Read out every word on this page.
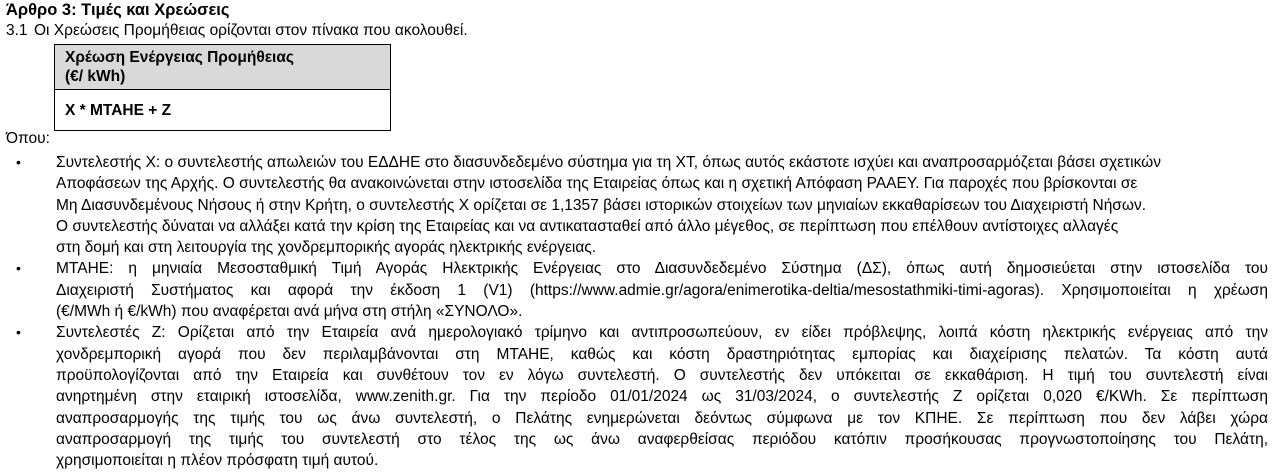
Άρθρο 3: Τιμές και Χρεώσεις
3.1 Οι Χρεώσεις Προμήθειας ορίζονται στον πίνακα που ακολουθεί.
Χρέωση Ενέργειας Προμήθειας
(€/ kWh)

X * ΜΤΑΗΕ + Ζ
Όπου:
• Συντελεστής Χ: ο συντελεστής απωλειών του ΕΔΔΗΕ στο διασυνδεδεμένο σύστημα για τη ΧΤ, όπως αυτός εκάστοτε ισχύει και αναπροσαρμόζεται βάσει σχετικών
Αποφάσεων της Αρχής. Ο συντελεστής θα ανακοινώνεται στην ιστοσελίδα της Εταιρείας όπως και η σχετική Απόφαση ΡΑΑΕΥ. Για παροχές που βρίσκονται σε
Μη Διασυνδεμένους Νήσους ή στην Κρήτη, ο συντελεστής Χ ορίζεται σε 1,1357 βάσει ιστορικών στοιχείων των μηνιαίων εκκαθαρίσεων του Διαχειριστή Νήσων.
Ο συντελεστής δύναται να αλλάξει κατά την κρίση της Εταιρείας και να αντικατασταθεί από άλλο μέγεθος, σε περίπτωση που επέλθουν αντίστοιχες αλλαγές
στη δομή και στη λειτουργία της χονδρεμπορικής αγοράς ηλεκτρικής ενέργειας.
• ΜΤΑΗΕ: η μηνιαία Μεσοσταθμική Τιμή Αγοράς Ηλεκτρικής Ενέργειας στο Διασυνδεδεμένο Σύστημα (ΔΣ), όπως αυτή δημοσιεύεται στην ιστοσελίδα του
Διαχειριστή Συστήματος και αφορά την έκδοση 1 (V1) (https://www.admie.gr/agora/enimerotika-deltia/mesostathmiki-timi-agoras). Χρησιμοποιείται η χρέωση
(€/MWh ή €/kWh) που αναφέρεται ανά μήνα στη στήλη «ΣΥΝΟΛΟ».
• Συντελεστές Ζ: Ορίζεται από την Εταιρεία ανά ημερολογιακό τρίμηνο και αντιπροσωπεύουν, εν είδει πρόβλεψης, λοιπά κόστη ηλεκτρικής ενέργειας από την
χονδρεμπορική αγορά που δεν περιλαμβάνονται στη ΜΤΑΗΕ, καθώς και κόστη δραστηριότητας εμπορίας και διαχείρισης πελατών. Τα κόστη αυτά
προϋπολογίζονται από την Εταιρεία και συνθέτουν τον εν λόγω συντελεστή. Ο συντελεστής δεν υπόκειται σε εκκαθάριση. Η τιμή του συντελεστή είναι
ανηρτημένη στην εταιρική ιστοσελίδα, www.zenith.gr. Για την περίοδο 01/01/2024 ως 31/03/2024, ο συντελεστής Ζ ορίζεται 0,020 €/KWh. Σε περίπτωση
αναπροσαρμογής της τιμής του ως άνω συντελεστή, ο Πελάτης ενημερώνεται δεόντως σύμφωνα με τον ΚΠΗΕ. Σε περίπτωση που δεν λάβει χώρα
αναπροσαρμογή της τιμής του συντελεστή στο τέλος της ως άνω αναφερθείσας περιόδου κατόπιν προσήκουσας προγνωστοποίησης του Πελάτη,
χρησιμοποιείται η πλέον πρόσφατη τιμή αυτού.
